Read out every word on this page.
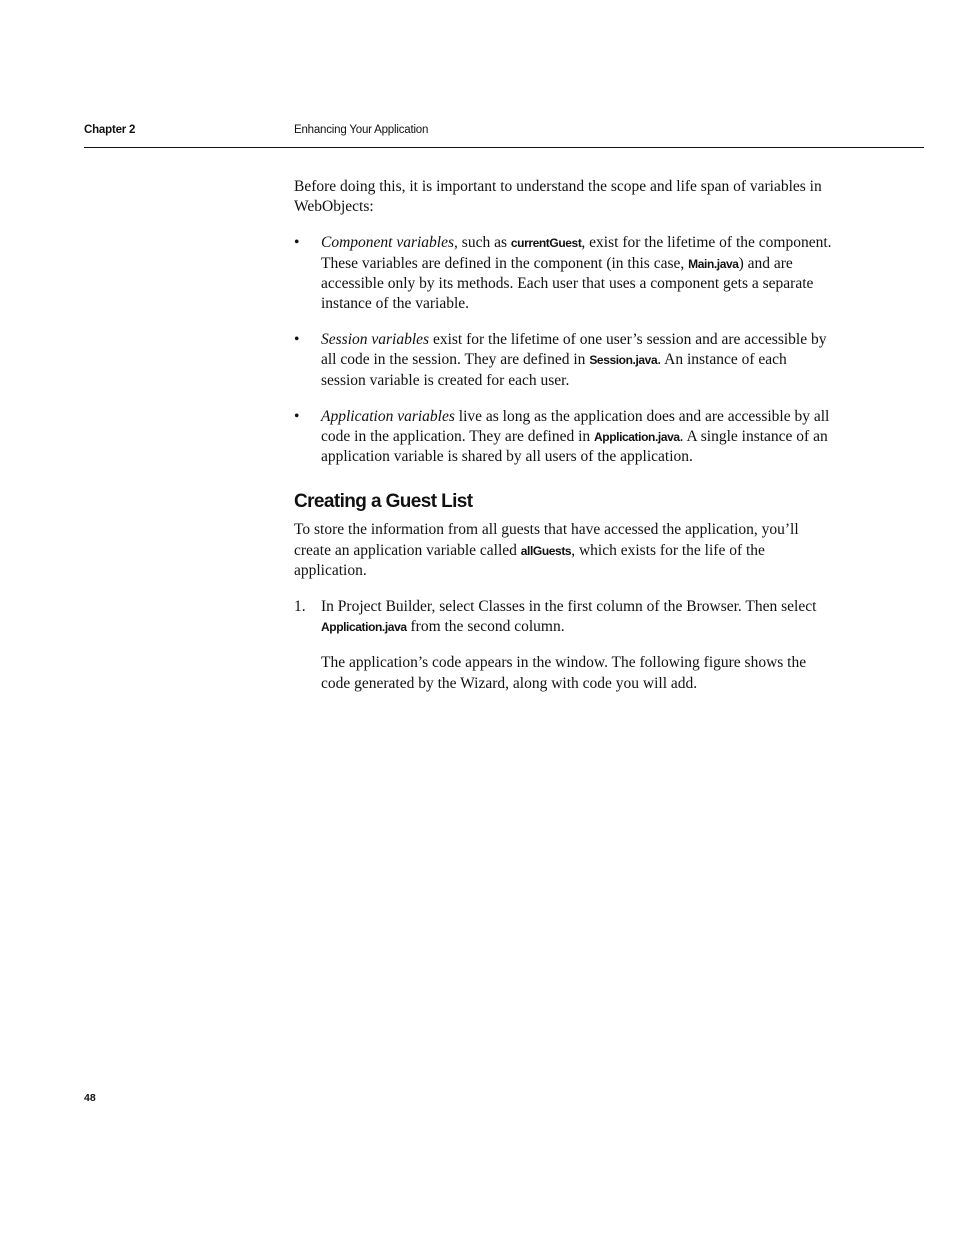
Chapter 2	Enhancing Your Application

Before doing this, it is important to understand the scope and life span of variables in WebObjects:

• Component variables, such as currentGuest, exist for the lifetime of the component. These variables are defined in the component (in this case, Main.java) and are accessible only by its methods. Each user that uses a component gets a separate instance of the variable.
• Session variables exist for the lifetime of one user’s session and are accessible by all code in the session. They are defined in Session.java. An instance of each session variable is created for each user.
• Application variables live as long as the application does and are accessible by all code in the application. They are defined in Application.java. A single instance of an application variable is shared by all users of the application.
Creating a Guest List

To store the information from all guests that have accessed the application, you’ll create an application variable called allGuests, which exists for the life of the application.

1. In Project Builder, select Classes in the first column of the Browser. Then select Application.java from the second column.

The application’s code appears in the window. The following figure shows the code generated by the Wizard, along with code you will add.

48
